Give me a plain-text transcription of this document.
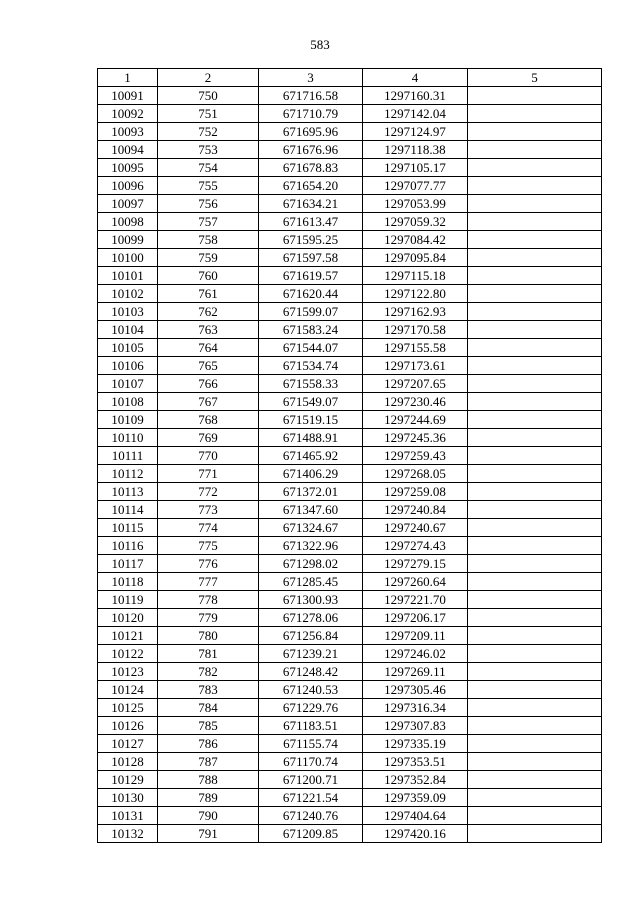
583
1	2	3	4	5
10091	750	671716.58	1297160.31	
10092	751	671710.79	1297142.04	
10093	752	671695.96	1297124.97	
10094	753	671676.96	1297118.38	
10095	754	671678.83	1297105.17	
10096	755	671654.20	1297077.77	
10097	756	671634.21	1297053.99	
10098	757	671613.47	1297059.32	
10099	758	671595.25	1297084.42	
10100	759	671597.58	1297095.84	
10101	760	671619.57	1297115.18	
10102	761	671620.44	1297122.80	
10103	762	671599.07	1297162.93	
10104	763	671583.24	1297170.58	
10105	764	671544.07	1297155.58	
10106	765	671534.74	1297173.61	
10107	766	671558.33	1297207.65	
10108	767	671549.07	1297230.46	
10109	768	671519.15	1297244.69	
10110	769	671488.91	1297245.36	
10111	770	671465.92	1297259.43	
10112	771	671406.29	1297268.05	
10113	772	671372.01	1297259.08	
10114	773	671347.60	1297240.84	
10115	774	671324.67	1297240.67	
10116	775	671322.96	1297274.43	
10117	776	671298.02	1297279.15	
10118	777	671285.45	1297260.64	
10119	778	671300.93	1297221.70	
10120	779	671278.06	1297206.17	
10121	780	671256.84	1297209.11	
10122	781	671239.21	1297246.02	
10123	782	671248.42	1297269.11	
10124	783	671240.53	1297305.46	
10125	784	671229.76	1297316.34	
10126	785	671183.51	1297307.83	
10127	786	671155.74	1297335.19	
10128	787	671170.74	1297353.51	
10129	788	671200.71	1297352.84	
10130	789	671221.54	1297359.09	
10131	790	671240.76	1297404.64	
10132	791	671209.85	1297420.16	
